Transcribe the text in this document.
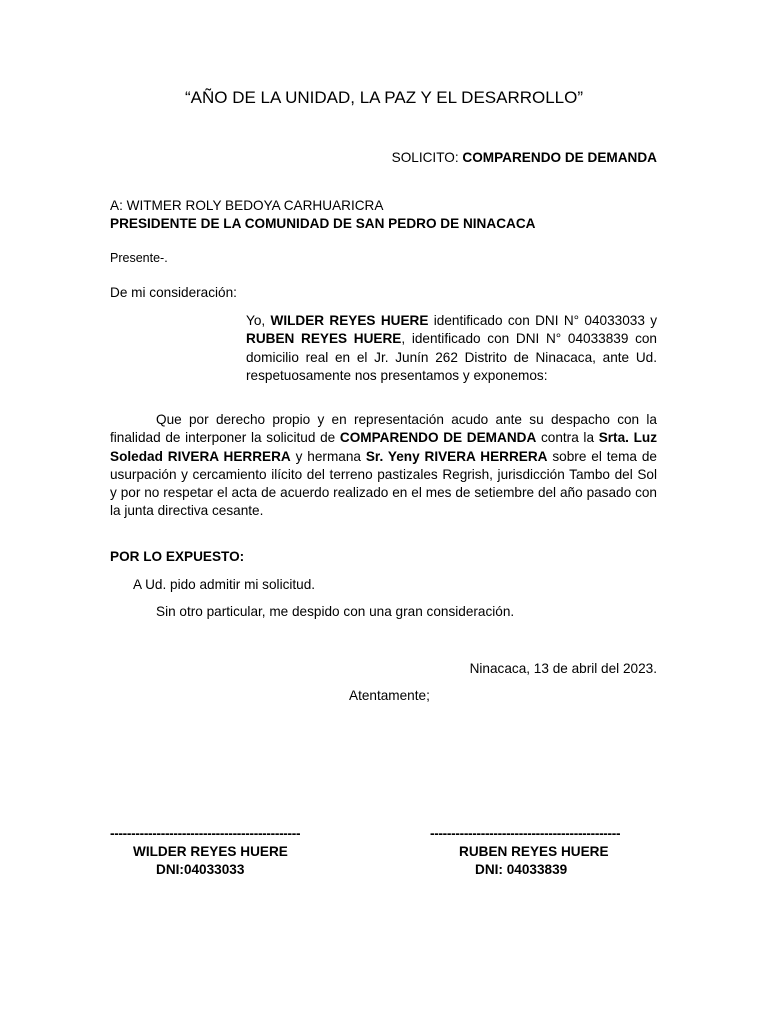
“AÑO DE LA UNIDAD, LA PAZ Y EL DESARROLLO”
SOLICITO: COMPARENDO DE DEMANDA
A: WITMER ROLY BEDOYA CARHUARICRA
PRESIDENTE DE LA COMUNIDAD DE SAN PEDRO DE NINACACA
Presente-.
De mi consideración:
Yo, WILDER REYES HUERE identificado con DNI N° 04033033 y RUBEN REYES HUERE, identificado con DNI N° 04033839 con domicilio real en el Jr. Junín 262 Distrito de Ninacaca, ante Ud. respetuosamente nos presentamos y exponemos:
Que por derecho propio y en representación acudo ante su despacho con la finalidad de interponer la solicitud de COMPARENDO DE DEMANDA contra la Srta. Luz Soledad RIVERA HERRERA y hermana Sr. Yeny RIVERA HERRERA sobre el tema de usurpación y cercamiento ilícito del terreno pastizales Regrish, jurisdicción Tambo del Sol y por no respetar el acta de acuerdo realizado en el mes de setiembre del año pasado con la junta directiva cesante.
POR LO EXPUESTO:
A Ud. pido admitir mi solicitud.
Sin otro particular, me despido con una gran consideración.
Ninacaca, 13 de abril del 2023.
Atentamente;
---------------------------------------------
WILDER REYES HUERE
DNI:04033033
---------------------------------------------
RUBEN REYES HUERE
DNI: 04033839
